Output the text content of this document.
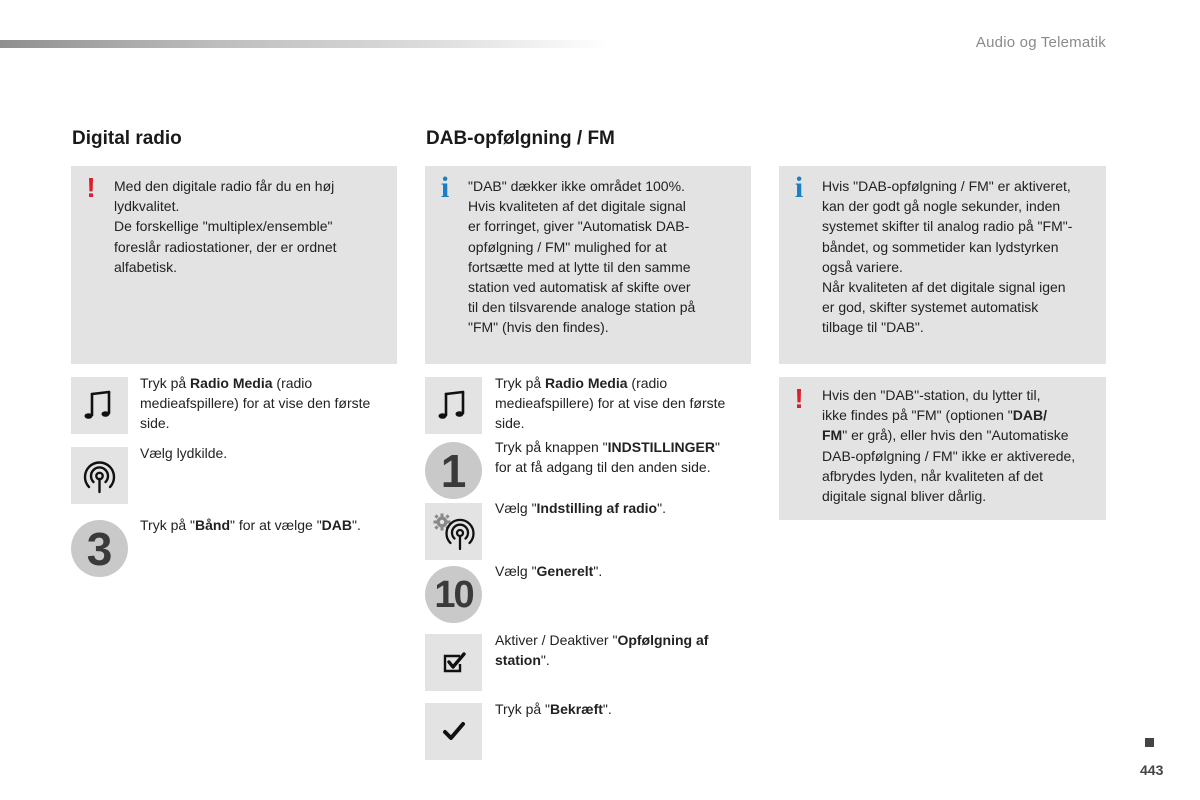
Audio og Telematik
Digital radio
! Med den digitale radio får du en høj
lydkvalitet.
De forskellige "multiplex/ensemble"
foreslår radiostationer, der er ordnet
alfabetisk.
Tryk på Radio Media (radio
medieafspillere) for at vise den første
side.
Vælg lydkilde.
3	Tryk på "Bånd" for at vælge "DAB".
DAB-opfølgning / FM
i "DAB" dækker ikke området 100%.
Hvis kvaliteten af det digitale signal
er forringet, giver "Automatisk DAB-
opfølgning / FM" mulighed for at
fortsætte med at lytte til den samme
station ved automatisk af skifte over
til den tilsvarende analoge station på
"FM" (hvis den findes).
Tryk på Radio Media (radio
medieafspillere) for at vise den første
side.
1	Tryk på knappen "INDSTILLINGER"
for at få adgang til den anden side.
Vælg "Indstilling af radio".
10
Vælg "Generelt".
Aktiver / Deaktiver "Opfølgning af
station".
Tryk på "Bekræft".
i Hvis "DAB-opfølgning / FM" er aktiveret,
kan der godt gå nogle sekunder, inden
systemet skifter til analog radio på "FM"-
båndet, og sommetider kan lydstyrken
også variere.
Når kvaliteten af det digitale signal igen
er god, skifter systemet automatisk
tilbage til "DAB".
! Hvis den "DAB"-station, du lytter til,
ikke findes på "FM" (optionen "DAB/
FM" er grå), eller hvis den "Automatiske
DAB-opfølgning / FM" ikke er aktiverede,
afbrydes lyden, når kvaliteten af det
digitale signal bliver dårlig.
443
